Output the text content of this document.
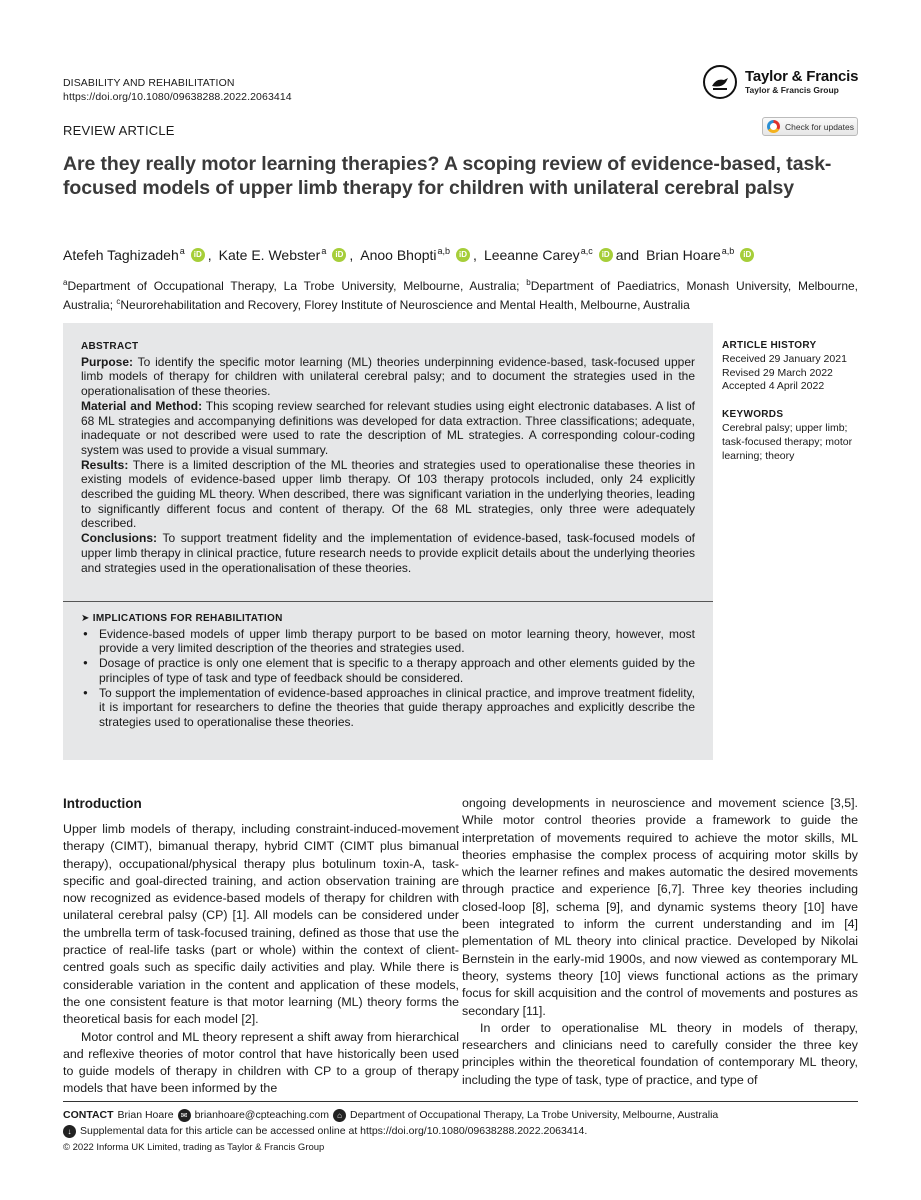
DISABILITY AND REHABILITATION
https://doi.org/10.1080/09638288.2022.2063414
Taylor & Francis
Taylor & Francis Group
REVIEW ARTICLE	Check for updates
Are they really motor learning therapies? A scoping review of evidence-based, task-focused models of upper limb therapy for children with unilateral cerebral palsy
Atefeh Taghizadeh$^a$	iD , Kate E. Webster$^a$	iD , Anoo Bhopti$^{a,b}$	iD , Leeanne Carey$^{a,c}$	iD and Brian Hoare$^{a,b}$	iD
$^a$Department of Occupational Therapy, La Trobe University, Melbourne, Australia; $^b$Department of Paediatrics, Monash University, Melbourne, Australia; $^c$Neurorehabilitation and Recovery, Florey Institute of Neuroscience and Mental Health, Melbourne, Australia
ABSTRACT

Purpose: To identify the specific motor learning (ML) theories underpinning evidence-based, task-focused upper limb models of therapy for children with unilateral cerebral palsy; and to document the strategies used in the operationalisation of these theories.

Material and Method: This scoping review searched for relevant studies using eight electronic databases. A list of 68 ML strategies and accompanying definitions was developed for data extraction. Three classifications; adequate, inadequate or not described were used to rate the description of ML strategies. A corresponding colour-coding system was used to provide a visual summary.

Results: There is a limited description of the ML theories and strategies used to operationalise these theories in existing models of evidence-based upper limb therapy. Of 103 therapy protocols included, only 24 explicitly described the guiding ML theory. When described, there was significant variation in the underlying theories, leading to significantly different focus and content of therapy. Of the 68 ML strategies, only three were adequately described.

Conclusions: To support treatment fidelity and the implementation of evidence-based, task-focused models of upper limb therapy in clinical practice, future research needs to provide explicit details about the underlying theories and strategies used in the operationalisation of these theories.

➤ IMPLICATIONS FOR REHABILITATION
● Evidence-based models of upper limb therapy purport to be based on motor learning theory, however, most provide a very limited description of the theories and strategies used.
● Dosage of practice is only one element that is specific to a therapy approach and other elements guided by the principles of type of task and type of feedback should be considered.
● To support the implementation of evidence-based approaches in clinical practice, and improve treatment fidelity, it is important for researchers to define the theories that guide therapy approaches and explicitly describe the strategies used to operationalise these theories.
ARTICLE HISTORY
Received 29 January 2021
Revised 29 March 2022
Accepted 4 April 2022
KEYWORDS
Cerebral palsy; upper limb; task-focused therapy; motor learning; theory
Introduction

Upper limb models of therapy, including constraint-induced-movement therapy (CIMT), bimanual therapy, hybrid CIMT (CIMT plus bimanual therapy), occupational/physical therapy plus botulinum toxin-A, task-specific and goal-directed training, and action observation training are now recognized as evidence-based models of therapy for children with unilateral cerebral palsy (CP) [1]. All models can be considered under the umbrella term of task-focused training, defined as those that use the practice of real-life tasks (part or whole) within the context of client-centred goals such as specific daily activities and play. While there is considerable variation in the content and application of these models, the one consistent feature is that motor learning (ML) theory forms the theoretical basis for each model [2].

Motor control and ML theory represent a shift away from hierarchical and reflexive theories of motor control that have historically been used to guide models of therapy in children with CP to a group of therapy models that have been informed by the

ongoing developments in neuroscience and movement science [3,5]. While motor control theories provide a framework to guide the interpretation of movements required to achieve the motor skills, ML theories emphasise the complex process of acquiring motor skills by which the learner refines and makes automatic the desired movements through practice and experience [6,7]. Three key theories including closed-loop [8], schema [9], and dynamic systems theory [10] have been integrated to inform the current understanding and im [4] plementation of ML theory into clinical practice. Developed by Nikolai Bernstein in the early-mid 1900s, and now viewed as contemporary ML theory, systems theory [10] views functional actions as the primary focus for skill acquisition and the control of movements and postures as secondary [11].

In order to operationalise ML theory in models of therapy, researchers and clinicians need to carefully consider the three key principles within the theoretical foundation of contemporary ML theory, including the type of task, type of practice, and type of

CONTACT Brian Hoare ✉ brianhoare@cpteaching.com	⌂ Department of Occupational Therapy, La Trobe University, Melbourne, Australia
↓ Supplemental data for this article can be accessed online at https://doi.org/10.1080/09638288.2022.2063414.
© 2022 Informa UK Limited, trading as Taylor & Francis Group
